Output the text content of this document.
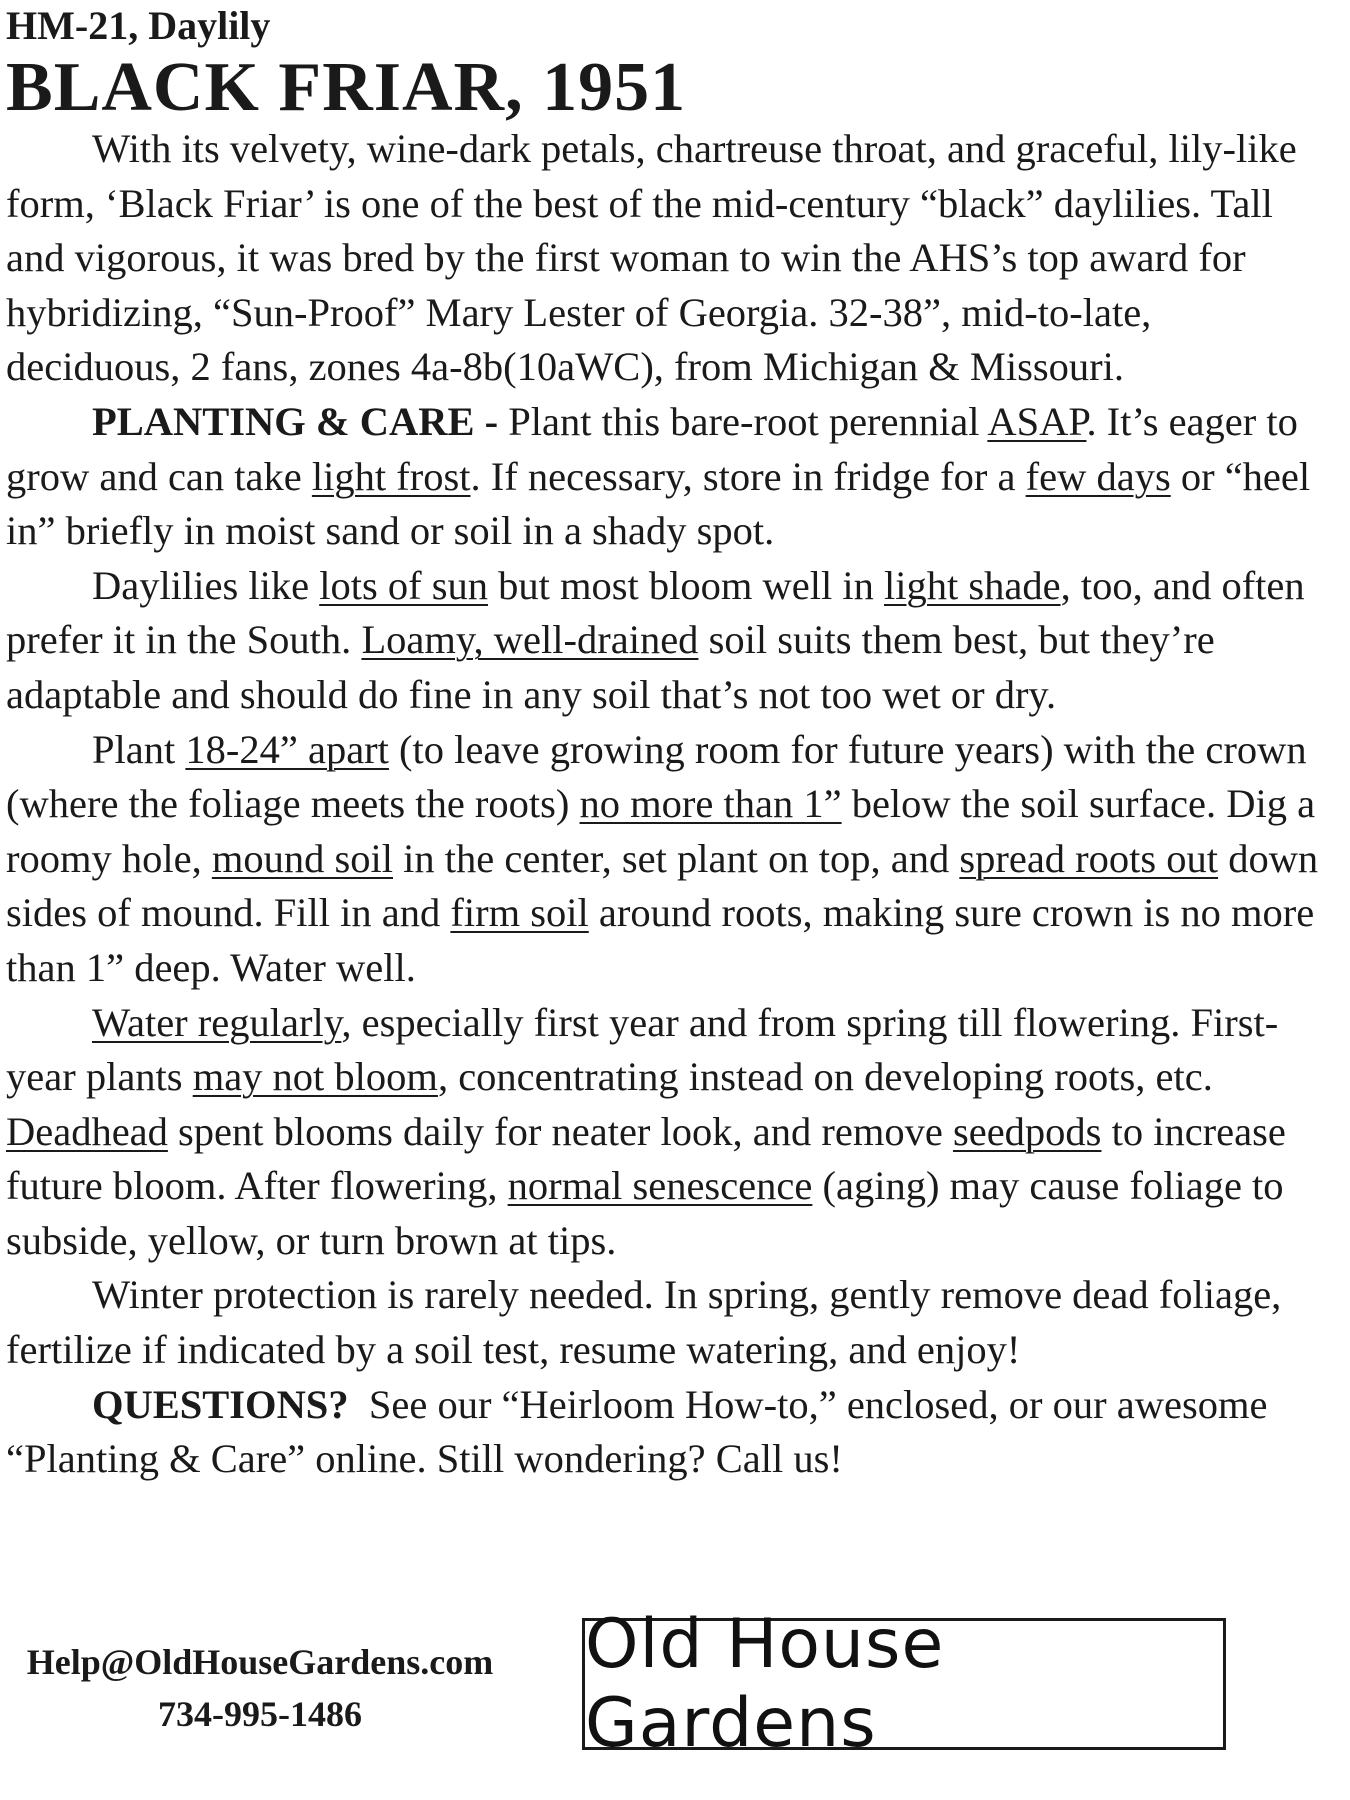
HM-21, Daylily
BLACK FRIAR, 1951

With its velvety, wine-dark petals, chartreuse throat, and graceful, lily-like form, ‘Black Friar’ is one of the best of the mid-century “black” daylilies. Tall and vigorous, it was bred by the first woman to win the AHS’s top award for hybridizing, “Sun-Proof” Mary Lester of Georgia. 32-38”, mid-to-late, deciduous, 2 fans, zones 4a-8b(10aWC), from Michigan & Missouri.

PLANTING & CARE - Plant this bare-root perennial ASAP. It’s eager to grow and can take light frost. If necessary, store in fridge for a few days or “heel in” briefly in moist sand or soil in a shady spot.

Daylilies like lots of sun but most bloom well in light shade, too, and often prefer it in the South. Loamy, well-drained soil suits them best, but they’re adaptable and should do fine in any soil that’s not too wet or dry.

Plant 18-24” apart (to leave growing room for future years) with the crown (where the foliage meets the roots) no more than 1” below the soil surface. Dig a roomy hole, mound soil in the center, set plant on top, and spread roots out down sides of mound. Fill in and firm soil around roots, making sure crown is no more than 1” deep. Water well.

Water regularly, especially first year and from spring till flowering. First-year plants may not bloom, concentrating instead on developing roots, etc. Deadhead spent blooms daily for neater look, and remove seedpods to increase future bloom. After flowering, normal senescence (aging) may cause foliage to subside, yellow, or turn brown at tips.

Winter protection is rarely needed. In spring, gently remove dead foliage, fertilize if indicated by a soil test, resume watering, and enjoy!

QUESTIONS?  See our “Heirloom How-to,” enclosed, or our awesome “Planting & Care” online. Still wondering? Call us!

Help@OldHouseGardens.com
734-995-1486
Old House Gardens
